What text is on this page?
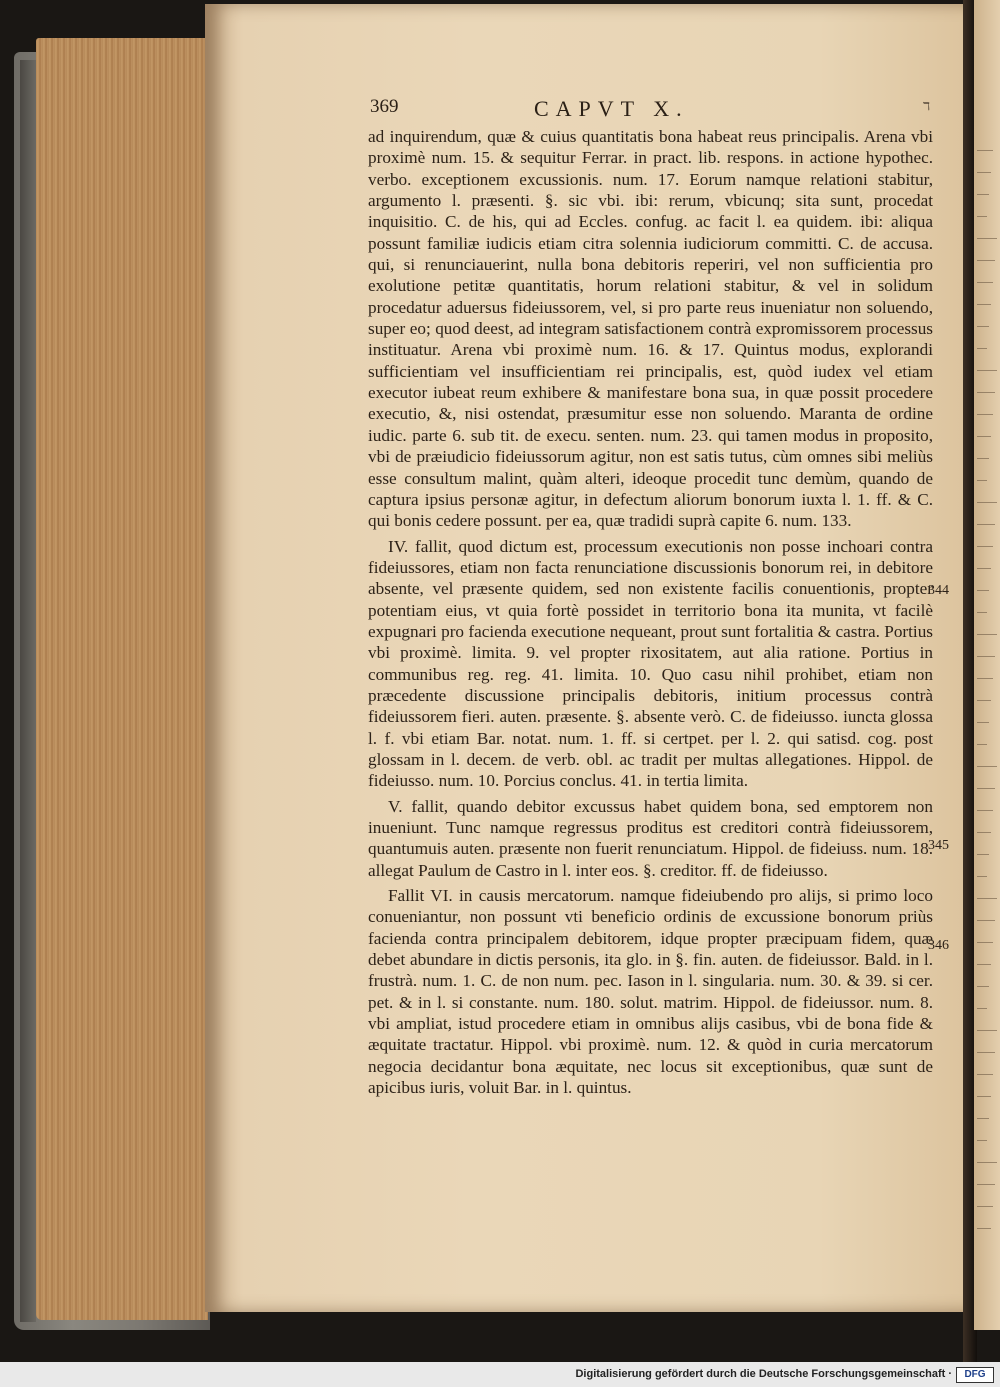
369	CAPVT X.	ℸ

ad inquirendum, quæ & cuius quantitatis bona habeat reus principalis. Arena vbi proximè num. 15. & sequitur Ferrar. in pract. lib. respons. in actione hypothec. verbo. exceptionem excussionis. num. 17. Eorum namque relationi stabitur, argumento l. præsenti. §. sic vbi. ibi: rerum, vbicunq; sita sunt, procedat inquisitio. C. de his, qui ad Eccles. confug. ac facit l. ea quidem. ibi: aliqua possunt familiæ iudicis etiam citra solennia iudiciorum committi. C. de accusa. qui, si renunciauerint, nulla bona debitoris reperiri, vel non sufficientia pro exolutione petitæ quantitatis, horum relationi stabitur, & vel in solidum procedatur aduersus fideiussorem, vel, si pro parte reus inueniatur non soluendo, super eo; quod deest, ad integram satisfactionem contrà expromissorem processus instituatur. Arena vbi proximè num. 16. & 17. Quintus modus, explorandi sufficientiam vel insufficientiam rei principalis, est, quòd iudex vel etiam executor iubeat reum exhibere & manifestare bona sua, in quæ possit procedere executio, &, nisi ostendat, præsumitur esse non soluendo. Maranta de ordine iudic. parte 6. sub tit. de execu. senten. num. 23. qui tamen modus in proposito, vbi de præiudicio fideiussorum agitur, non est satis tutus, cùm omnes sibi meliùs esse consultum malint, quàm alteri, ideoque procedit tunc demùm, quando de captura ipsius personæ agitur, in defectum aliorum bonorum iuxta l. 1. ff. & C. qui bonis cedere possunt. per ea, quæ tradidi suprà capite 6. num. 133.

IV. fallit, quod dictum est, processum executionis non posse inchoari contra fideiussores, etiam non facta renunciatione discussionis bonorum rei, in debitore absente, vel præsente quidem, sed non existente facilis conuentionis, propter potentiam eius, vt quia fortè possidet in territorio bona ita munita, vt facilè expugnari pro facienda executione nequeant, prout sunt fortalitia & castra. Portius vbi proximè. limita. 9. vel propter rixositatem, aut alia ratione. Portius in communibus reg. reg. 41. limita. 10. Quo casu nihil prohibet, etiam non præcedente discussione principalis debitoris, initium processus contrà fideiussorem fieri. auten. præsente. §. absente verò. C. de fideiusso. iuncta glossa l. f. vbi etiam Bar. notat. num. 1. ff. si certpet. per l. 2. qui satisd. cog. post glossam in l. decem. de verb. obl. ac tradit per multas allegationes. Hippol. de fideiusso. num. 10. Porcius conclus. 41. in tertia limita.

V. fallit, quando debitor excussus habet quidem bona, sed emptorem non inueniunt. Tunc namque regressus proditus est creditori contrà fideiussorem, quantumuis auten. præsente non fuerit renunciatum. Hippol. de fideiuss. num. 18. allegat Paulum de Castro in l. inter eos. §. creditor. ff. de fideiusso.

Fallit VI. in causis mercatorum. namque fideiubendo pro alijs, si primo loco conueniantur, non possunt vti beneficio ordinis de excussione bonorum priùs facienda contra principalem debitorem, idque propter præcipuam fidem, quæ debet abundare in dictis personis, ita glo. in §. fin. auten. de fideiussor. Bald. in l. frustrà. num. 1. C. de non num. pec. Iason in l. singularia. num. 30. & 39. si cer. pet. & in l. si constante. num. 180. solut. matrim. Hippol. de fideiussor. num. 8. vbi ampliat, istud procedere etiam in omnibus alijs casibus, vbi de bona fide & æquitate tractatur. Hippol. vbi proximè. num. 12. & quòd in curia mercatorum negocia decidantur bona æquitate, nec locus sit exceptionibus, quæ sunt de apicibus iuris, voluit Bar. in l. quintus.

344
345
346
Digitalisierung gefördert durch die Deutsche Forschungsgemeinschaft ·	DFG
